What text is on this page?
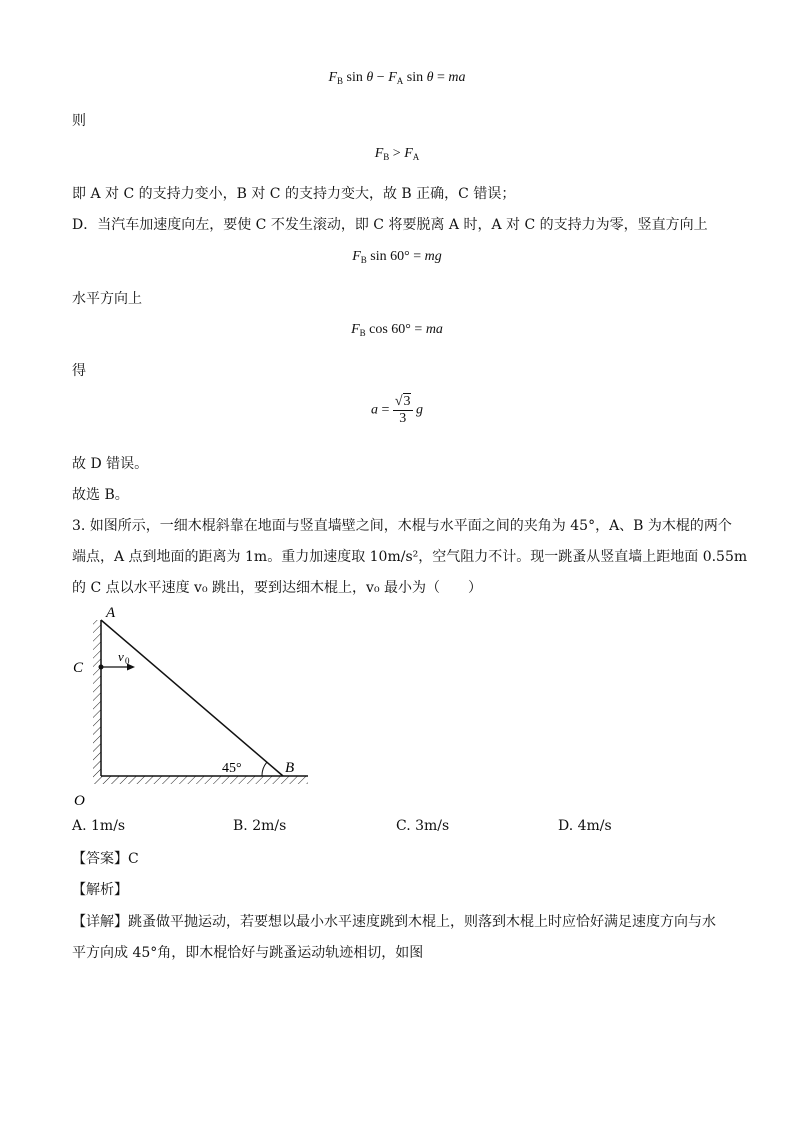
$F_B$ $\sin \theta - F_A$ sin θ = ma
则
$F_B > F_A$
即 A 对 C 的支持力变小，B 对 C 的支持力变大，故 B 正确，C 错误；
D．当汽车加速度向左，要使 C 不发生滚动，即 C 将要脱离 A 时，A 对 C 的支持力为零，竖直方向上
$F_B$ sin 60° = mg
水平方向上
$F_B$ cos 60° = ma
得
$a = \frac{√3}{3}$ g
故 D 错误。
故选 B。
3. 如图所示，一细木棍斜靠在地面与竖直墙壁之间，木棍与水平面之间的夹角为 45°，A、B 为木棍的两个
端点，A 点到地面的距离为 1m。重力加速度取 10m/s²，空气阻力不计。现一跳蚤从竖直墙上距地面 0.55m
的 C 点以水平速度 v₀ 跳出，要到达细木棍上，v₀ 最小为（　　）
A
C
O
B
45°
v 0
A. 1m/s	B. 2m/s	C. 3m/s	D. 4m/s
【答案】C
【解析】
【详解】跳蚤做平抛运动，若要想以最小水平速度跳到木棍上，则落到木棍上时应恰好满足速度方向与水
平方向成 45°角，即木棍恰好与跳蚤运动轨迹相切，如图
